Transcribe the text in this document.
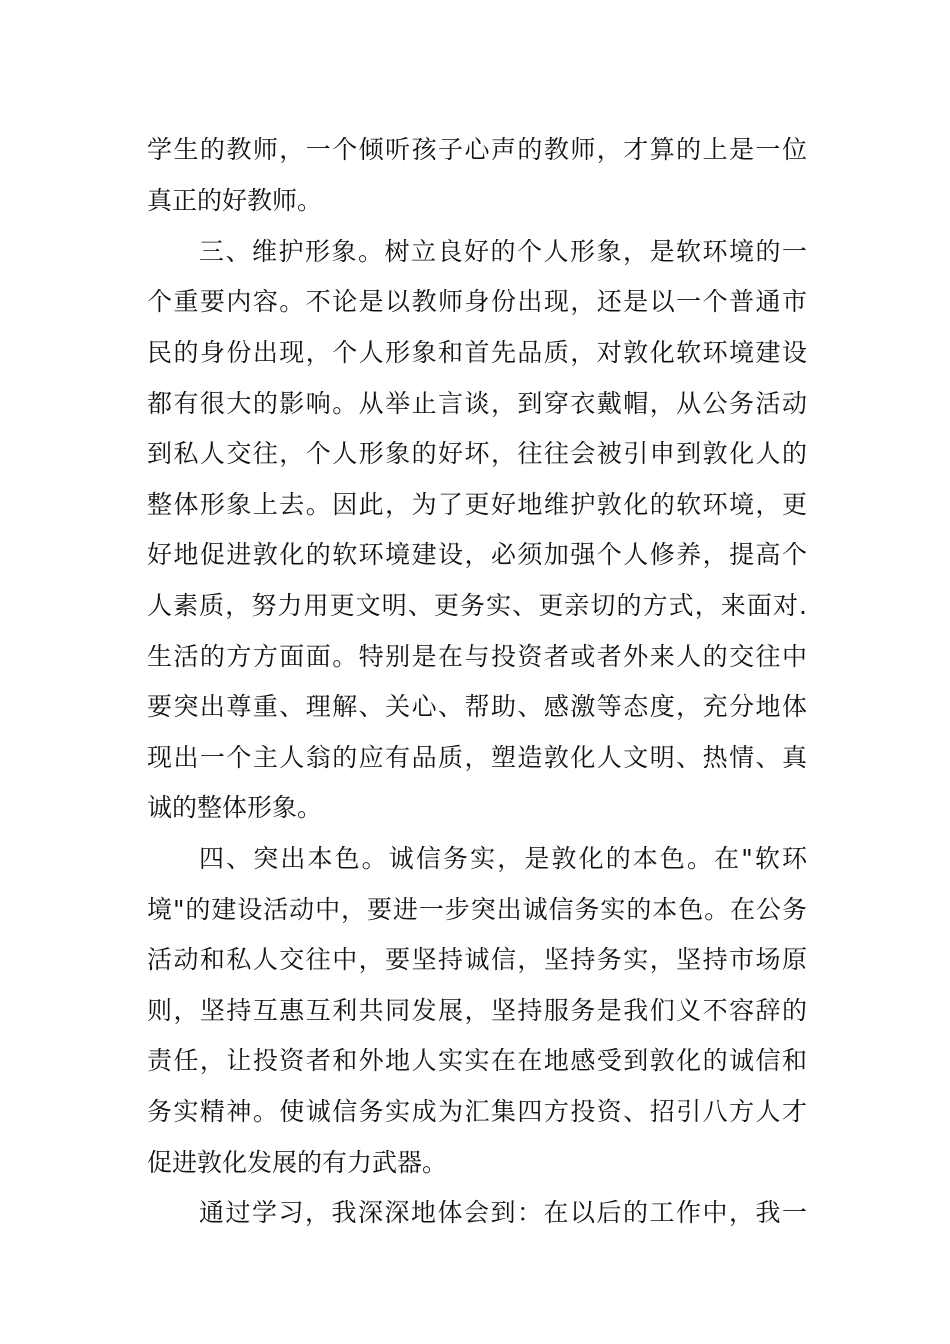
学生的教师，一个倾听孩子心声的教师，才算的上是一位
真正的好教师。
三、维护形象。树立良好的个人形象，是软环境的一
个重要内容。不论是以教师身份出现，还是以一个普通市
民的身份出现，个人形象和首先品质，对敦化软环境建设
都有很大的影响。从举止言谈，到穿衣戴帽，从公务活动
到私人交往，个人形象的好坏，往往会被引申到敦化人的
整体形象上去。因此，为了更好地维护敦化的软环境，更
好地促进敦化的软环境建设，必须加强个人修养，提高个
人素质，努力用更文明、更务实、更亲切的方式，来面对.
生活的方方面面。特别是在与投资者或者外来人的交往中
要突出尊重、理解、关心、帮助、感激等态度，充分地体
现出一个主人翁的应有品质，塑造敦化人文明、热情、真
诚的整体形象。
四、突出本色。诚信务实，是敦化的本色。在"软环
境"的建设活动中，要进一步突出诚信务实的本色。在公务
活动和私人交往中，要坚持诚信，坚持务实，坚持市场原
则，坚持互惠互利共同发展，坚持服务是我们义不容辞的
责任，让投资者和外地人实实在在地感受到敦化的诚信和
务实精神。使诚信务实成为汇集四方投资、招引八方人才
促进敦化发展的有力武器。
通过学习，我深深地体会到：在以后的工作中，我一
